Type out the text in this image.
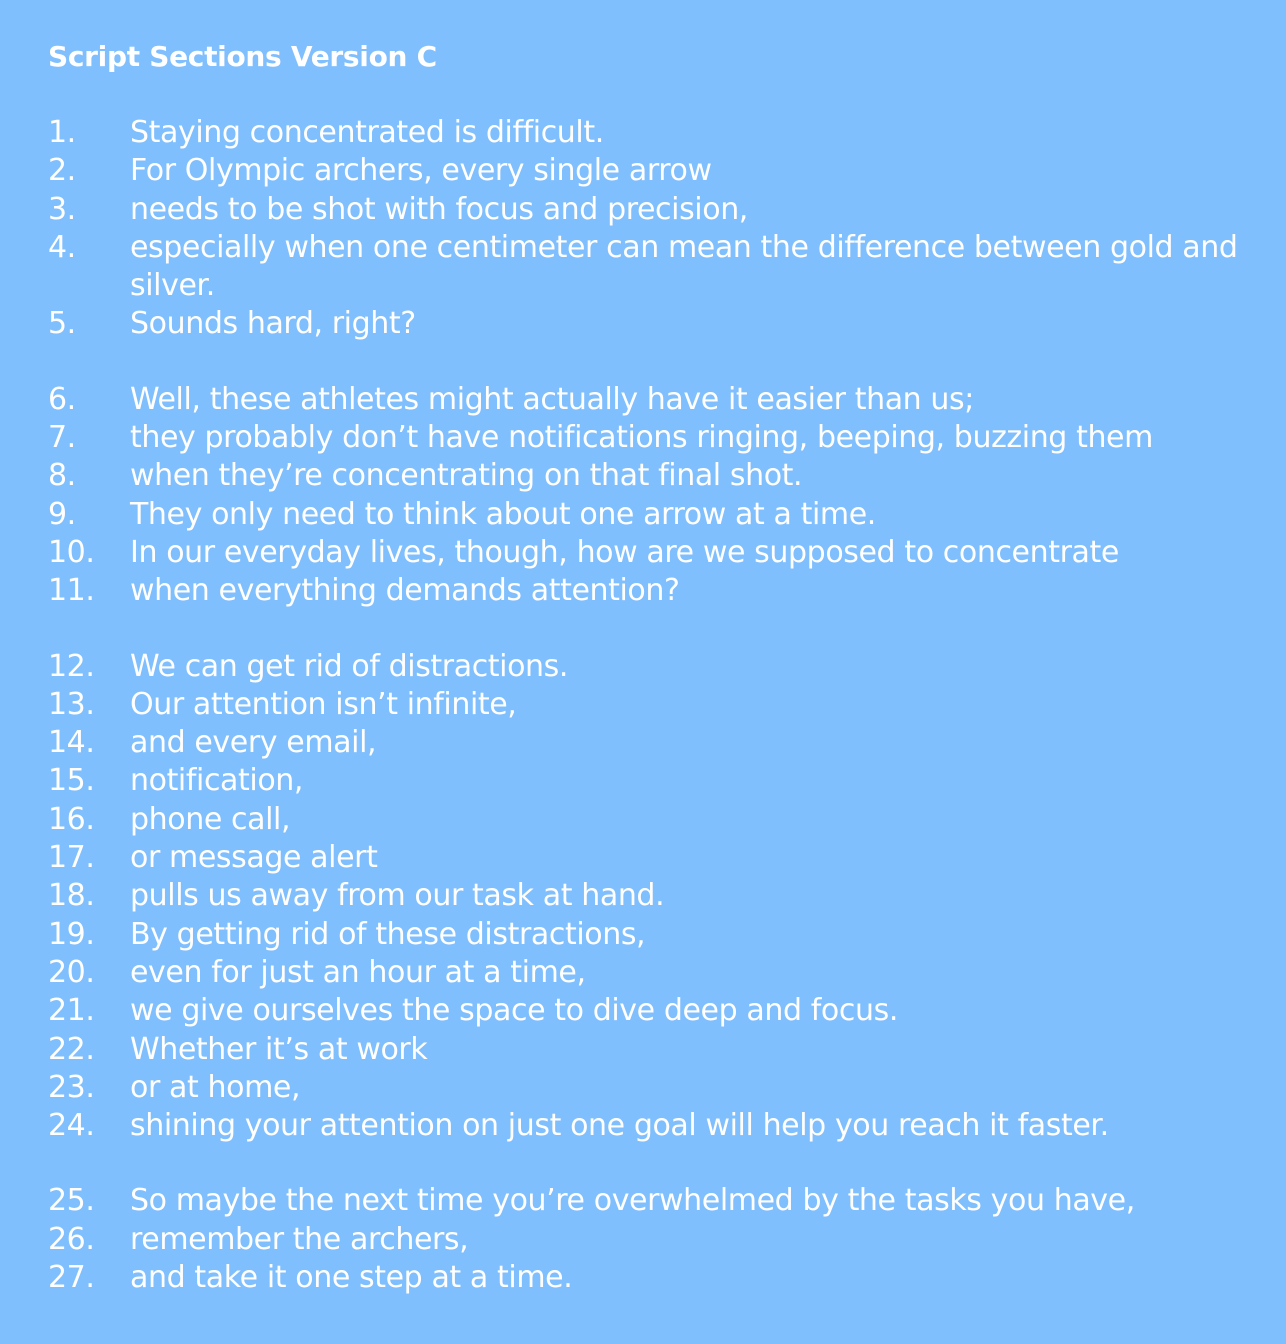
Script Sections Version C
1.	Staying concentrated is difficult.
2.	For Olympic archers, every single arrow
3.	needs to be shot with focus and precision,
4.	especially when one centimeter can mean the difference between gold and silver.
5.	Sounds hard, right?
6.	Well, these athletes might actually have it easier than us;
7.	they probably don’t have notifications ringing, beeping, buzzing them
8.	when they’re concentrating on that final shot.
9.	They only need to think about one arrow at a time.
10.	In our everyday lives, though, how are we supposed to concentrate
11.	when everything demands attention?
12.	We can get rid of distractions.
13.	Our attention isn’t infinite,
14.	and every email,
15.	notification,
16.	phone call,
17.	or message alert
18.	pulls us away from our task at hand.
19.	By getting rid of these distractions,
20.	even for just an hour at a time,
21.	we give ourselves the space to dive deep and focus.
22.	Whether it’s at work
23.	or at home,
24.	shining your attention on just one goal will help you reach it faster.
25.	So maybe the next time you’re overwhelmed by the tasks you have,
26.	remember the archers,
27.	and take it one step at a time.
